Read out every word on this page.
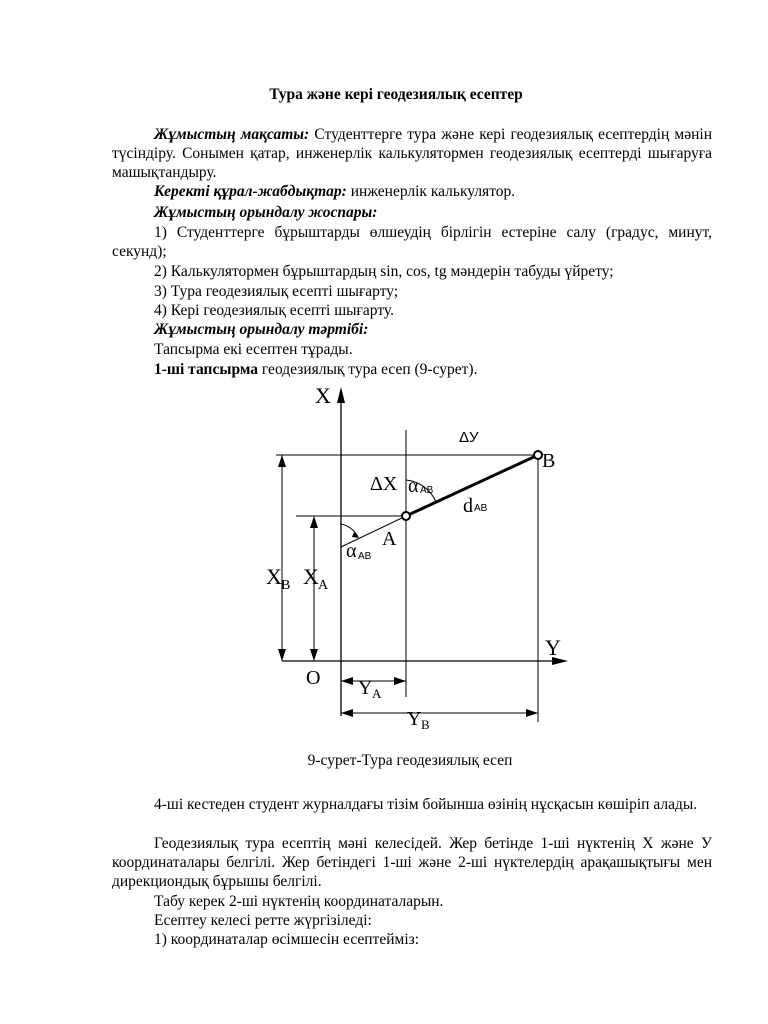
Тура және кері геодезиялық есептер
Жұмыстың мақсаты: Студенттерге тура және кері геодезиялық есептердің мәнін түсіндіру. Сонымен қатар, инженерлік калькулятормен геодезиялық есептерді шығаруға машықтандыру.
Керекті құрал-жабдықтар: инженерлік калькулятор.
Жұмыстың орындалу жоспары:
1) Студенттерге бұрыштарды өлшеудің бірлігін естеріне салу (градус, минут, секунд);
2) Калькулятормен бұрыштардың sin, cos, tg мәндерін табуды үйрету;
3) Тура геодезиялық есепті шығарту;
4) Кері геодезиялық есепті шығарту.
Жұмыстың орындалу тәртібі:
Тапсырма екі есептен тұрады.
1-ші тапсырма геодезиялық тура есеп (9-сурет).
X
Y
O
A
B
ΔУ
ΔX α AB
α AB
d AB
X B X A
Y A
Y B
9-сурет-Тура геодезиялық есеп
4-ші кестеден студент журналдағы тізім бойынша өзінің нұсқасын көшіріп алады.
Геодезиялық тура есептің мәні келесідей. Жер бетінде 1-ші нүктенің Х және У координаталары белгілі. Жер бетіндегі 1-ші және 2-ші нүктелердің арақашықтығы мен дирекциондық бұрышы белгілі.
Табу керек 2-ші нүктенің координаталарын.
Есептеу келесі ретте жүргізіледі:
1) координаталар өсімшесін есептейміз:
